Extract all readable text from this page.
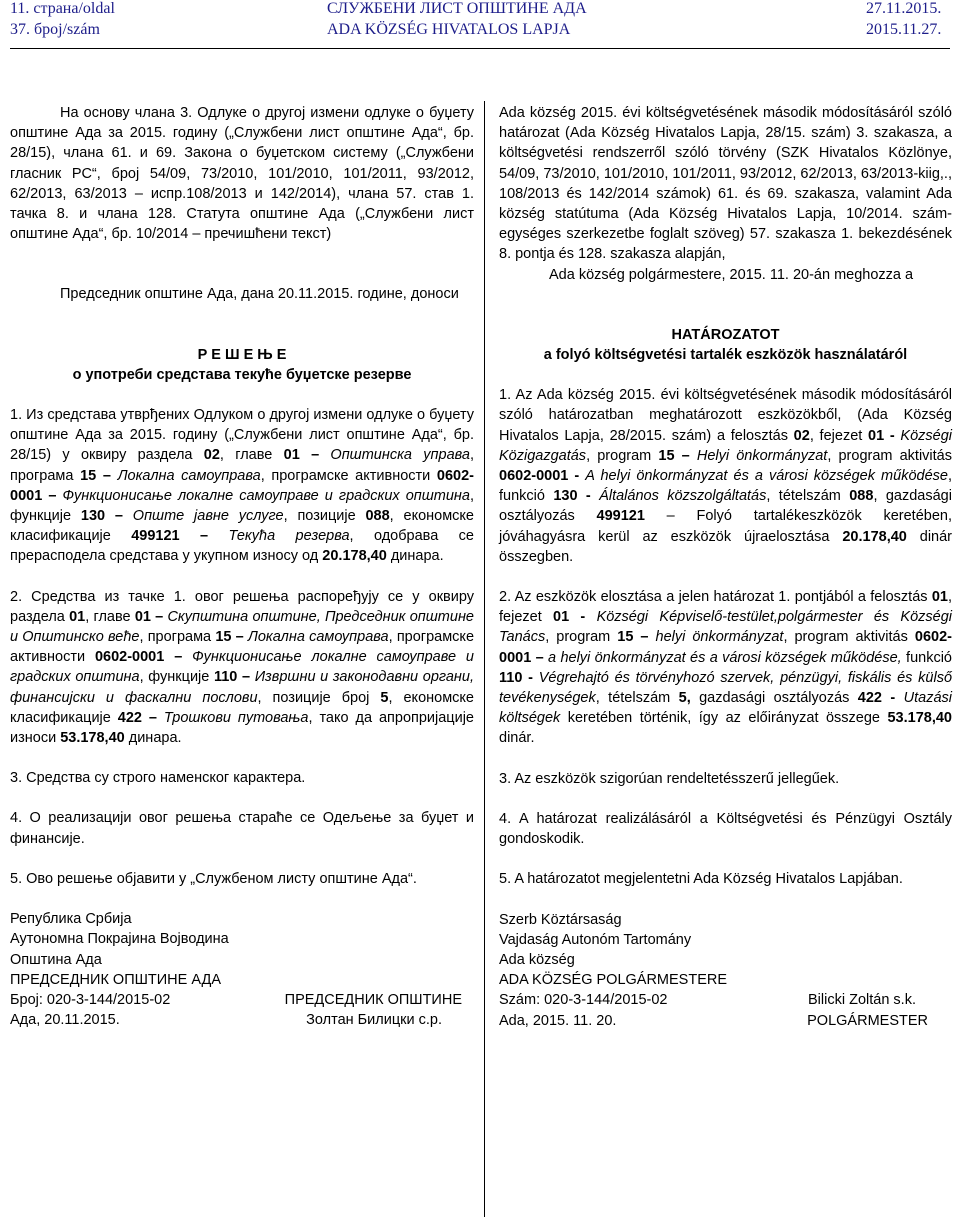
11. страна/oldal
37. број/szám
СЛУЖБЕНИ ЛИСТ ОПШТИНЕ АДА
ADA KÖZSÉG HIVATALOS LAPJA
27.11.2015.
2015.11.27.

На основу члана 3. Одлуке о другој измени одлуке о буџету општине Ада за 2015. годину („Службени лист општине Ада“, бр. 28/15), члана 61. и 69. Закона о буџетском систему („Службени гласник РС“, број 54/09, 73/2010, 101/2010, 101/2011, 93/2012, 62/2013, 63/2013 – испр.108/2013 и 142/2014), члана 57. став 1. тачка 8. и члана 128. Статута општине Ада („Службени лист општине Ада“, бр. 10/2014 – пречишћени текст)

Председник општине Ада, дана 20.11.2015. године, доноси

Р Е Ш Е Њ Е

о употреби средстава текуће буџетске резерве

1. Из средстава утврђених Одлуком о другој измени одлуке о буџету општине Ада за 2015. годину („Службени лист општине Ада“, бр. 28/15) у оквиру раздела 02, главе 01 – Општинска управа, програма 15 – Локална самоуправа, програмске активности 0602-0001 – Функционисање локалне самоуправе и градских општина, функције 130 – Опште јавне услуге, позиције 088, економске класификације 499121 – Текућа резерва, одобрава се прерасподела средстава у укупном износу од 20.178,40 динара.

2. Средства из тачке 1. овог решења распоређују се у оквиру раздела 01, главе 01 – Скупштина општине, Председник општине и Општинско веће, програма 15 – Локална самоуправа, програмске активности 0602-0001 – Функционисање локалне самоуправе и градских општина, функције 110 – Извршни и законодавни органи, финансијски и фаскални послови, позиције број 5, економске класификације 422 – Трошкови путовања, тако да апропријације износи 53.178,40 динара.

3. Средства су строго наменског карактера.

4. О реализацији овог решења стараће се Одељење за буџет и финансије.

5. Ово решење објавити у „Службеном листу општине Ада“.

Република Србија

Аутономна Покрајина Војводина

Општина Ада

ПРЕДСЕДНИК ОПШТИНЕ АДА

Број: 020-3-144/2015-02	ПРЕДСЕДНИК ОПШТИНЕ
Ада, 20.11.2015.	Золтан Билицки с.р.

Ada község 2015. évi költségvetésének második módosításáról szóló határozat (Ada Község Hivatalos Lapja, 28/15. szám) 3. szakasza, a költségvetési rendszerről szóló törvény (SZK Hivatalos Közlönye, 54/09, 73/2010, 101/2010, 101/2011, 93/2012, 62/2013, 63/2013-kiig,., 108/2013 és 142/2014 számok) 61. és 69. szakasza, valamint Ada község statútuma (Ada Község Hivatalos Lapja, 10/2014. szám-egységes szerkezetbe foglalt szöveg) 57. szakasza 1. bekezdésének 8. pontja és 128. szakasza alapján,

Ada község polgármestere, 2015. 11. 20-án meghozza a

HATÁROZATOT

a folyó költségvetési tartalék eszközök használatáról

1. Az Ada község 2015. évi költségvetésének második módosításáról szóló határozatban meghatározott eszközökből, (Ada Község Hivatalos Lapja, 28/2015. szám) a felosztás 02, fejezet 01 - Községi Közigazgatás, program 15 – Helyi önkormányzat, program aktivitás 0602-0001 - A helyi önkormányzat és a városi községek működése, funkció 130 - Általános közszolgáltatás, tételszám 088, gazdasági osztályozás 499121 – Folyó tartalékeszközök keretében, jóváhagyásra kerül az eszközök újraelosztása 20.178,40 dinár összegben.

2. Az eszközök elosztása a jelen határozat 1. pontjából a felosztás 01, fejezet 01 - Községi Képviselő-testület,polgármester és Községi Tanács, program 15 – helyi önkormányzat, program aktivitás 0602-0001 – a helyi önkormányzat és a városi községek működése, funkció 110 - Végrehajtó és törvényhozó szervek, pénzügyi, fiskális és külső tevékenységek, tételszám 5, gazdasági osztályozás 422 - Utazási költségek keretében történik, így az előirányzat összege 53.178,40 dinár.

3. Az eszközök szigorúan rendeltetésszerű jellegűek.

4. A határozat realizálásáról a Költségvetési és Pénzügyi Osztály gondoskodik.

5. A határozatot megjelentetni Ada Község Hivatalos Lapjában.

Szerb Köztársaság

Vajdaság Autonóm Tartomány

Ada község

ADA KÖZSÉG POLGÁRMESTERE

Szám: 020-3-144/2015-02	Bilicki Zoltán s.k.
Ada, 2015. 11. 20.	POLGÁRMESTER
